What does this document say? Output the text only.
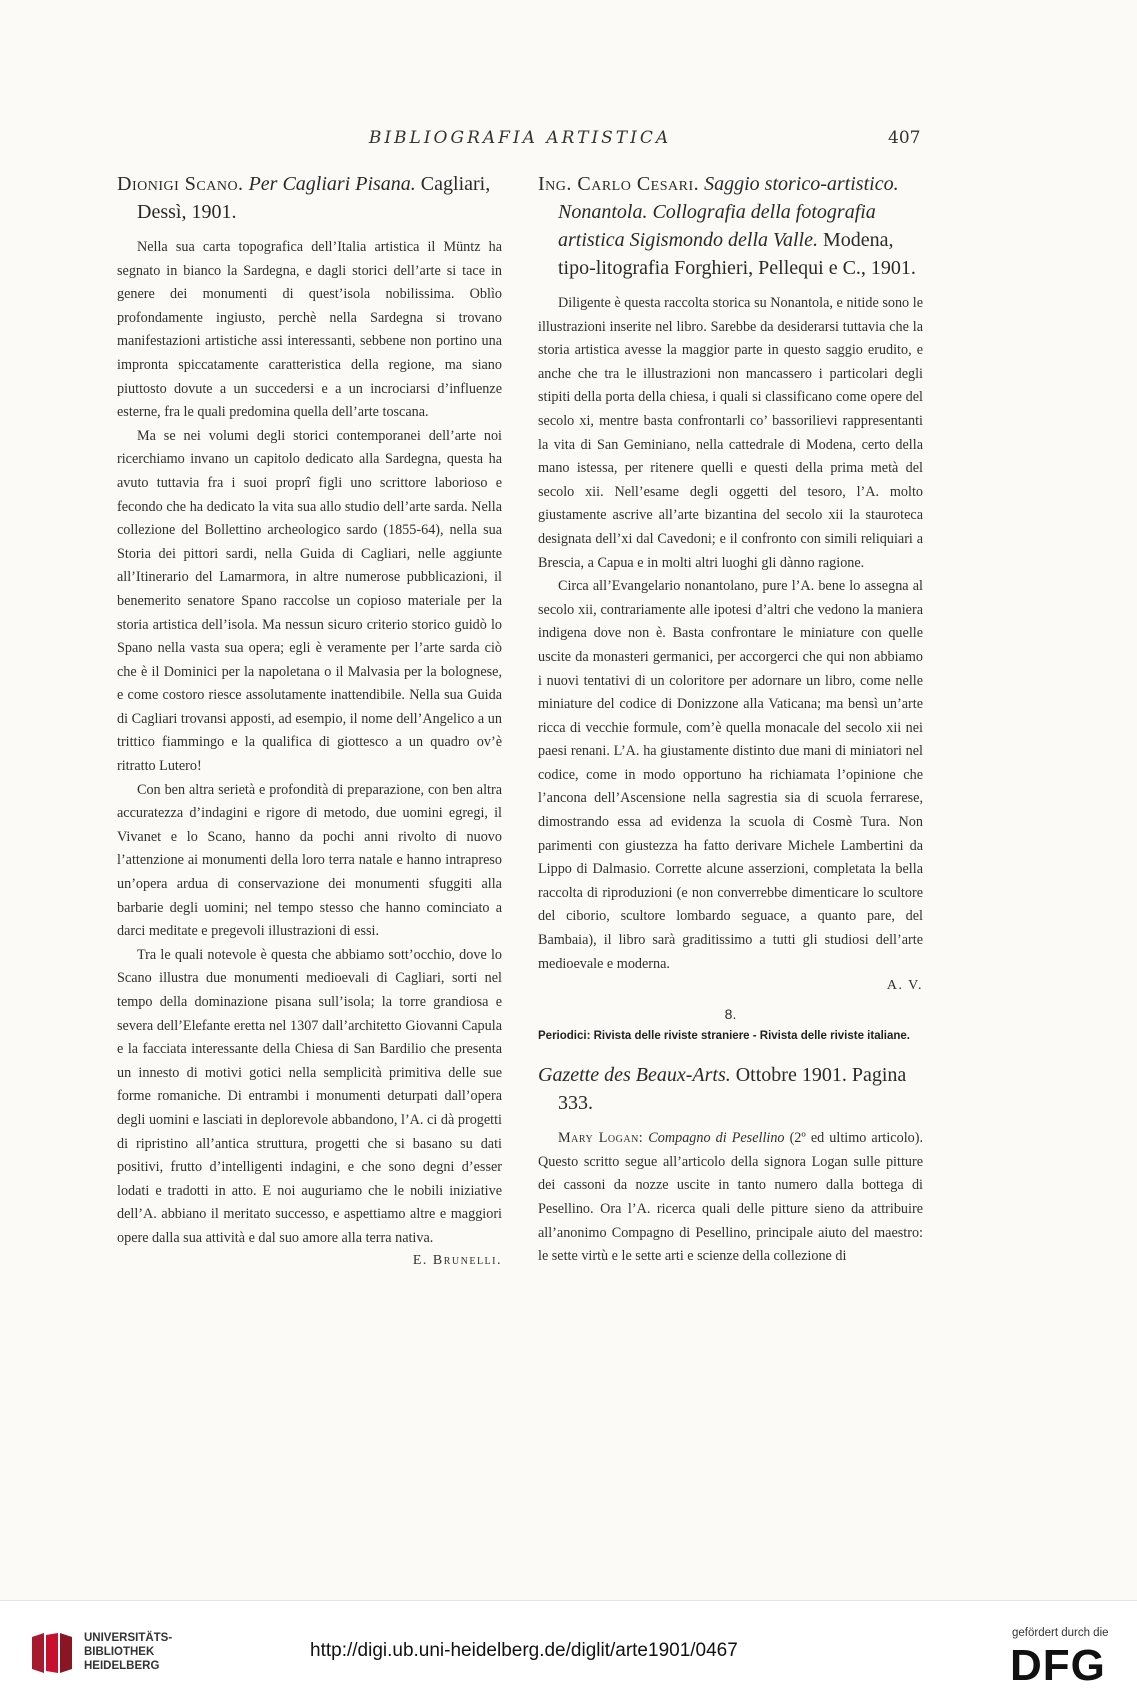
BIBLIOGRAFIA ARTISTICA	407
Dionigi Scano. Per Cagliari Pisana. Cagliari, Dessì, 1901.

Nella sua carta topografica dell’Italia artistica il Müntz ha segnato in bianco la Sardegna, e dagli storici dell’arte si tace in genere dei monumenti di quest’isola nobilissima. Oblìo profondamente ingiusto, perchè nella Sardegna si trovano manifestazioni artistiche assi interessanti, sebbene non portino una impronta spiccatamente caratteristica della regione, ma siano piuttosto dovute a un succedersi e a un incrociarsi d’influenze esterne, fra le quali predomina quella dell’arte toscana.

Ma se nei volumi degli storici contemporanei dell’arte noi ricerchiamo invano un capitolo dedicato alla Sardegna, questa ha avuto tuttavia fra i suoi proprî figli uno scrittore laborioso e fecondo che ha dedicato la vita sua allo studio dell’arte sarda. Nella collezione del Bollettino archeologico sardo (1855-64), nella sua Storia dei pittori sardi, nella Guida di Cagliari, nelle aggiunte all’Itinerario del Lamarmora, in altre numerose pubblicazioni, il benemerito senatore Spano raccolse un copioso materiale per la storia artistica dell’isola. Ma nessun sicuro criterio storico guidò lo Spano nella vasta sua opera; egli è veramente per l’arte sarda ciò che è il Dominici per la napoletana o il Malvasia per la bolognese, e come costoro riesce assolutamente inattendibile. Nella sua Guida di Cagliari trovansi apposti, ad esempio, il nome dell’Angelico a un trittico fiammingo e la qualifica di giottesco a un quadro ov’è ritratto Lutero!

Con ben altra serietà e profondità di preparazione, con ben altra accuratezza d’indagini e rigore di metodo, due uomini egregi, il Vivanet e lo Scano, hanno da pochi anni rivolto di nuovo l’attenzione ai monumenti della loro terra natale e hanno intrapreso un’opera ardua di conservazione dei monumenti sfuggiti alla barbarie degli uomini; nel tempo stesso che hanno cominciato a darci meditate e pregevoli illustrazioni di essi.

Tra le quali notevole è questa che abbiamo sott’occhio, dove lo Scano illustra due monumenti medioevali di Cagliari, sorti nel tempo della dominazione pisana sull’isola; la torre grandiosa e severa dell’Elefante eretta nel 1307 dall’architetto Giovanni Capula e la facciata interessante della Chiesa di San Bardilio che presenta un innesto di motivi gotici nella semplicità primitiva delle sue forme romaniche. Di entrambi i monumenti deturpati dall’opera degli uomini e lasciati in deplorevole abbandono, l’A. ci dà progetti di ripristino all’antica struttura, progetti che si basano su dati positivi, frutto d’intelligenti indagini, e che sono degni d’esser lodati e tradotti in atto. E noi auguriamo che le nobili iniziative dell’A. abbiano il meritato successo, e aspettiamo altre e maggiori opere dalla sua attività e dal suo amore alla terra nativa.

E. Brunelli.
Ing. Carlo Cesari. Saggio storico-artistico. Nonantola. Collografia della fotografia artistica Sigismondo della Valle. Modena, tipo-litografia Forghieri, Pellequi e C., 1901.

Diligente è questa raccolta storica su Nonantola, e nitide sono le illustrazioni inserite nel libro. Sarebbe da desiderarsi tuttavia che la storia artistica avesse la maggior parte in questo saggio erudito, e anche che tra le illustrazioni non mancassero i particolari degli stipiti della porta della chiesa, i quali si classificano come opere del secolo xi, mentre basta confrontarli co’ bassorilievi rappresentanti la vita di San Geminiano, nella cattedrale di Modena, certo della mano istessa, per ritenere quelli e questi della prima metà del secolo xii. Nell’esame degli oggetti del tesoro, l’A. molto giustamente ascrive all’arte bizantina del secolo xii la stauroteca designata dell’xi dal Cavedoni; e il confronto con simili reliquiari a Brescia, a Capua e in molti altri luoghi gli dànno ragione.

Circa all’Evangelario nonantolano, pure l’A. bene lo assegna al secolo xii, contrariamente alle ipotesi d’altri che vedono la maniera indigena dove non è. Basta confrontare le miniature con quelle uscite da monasteri germanici, per accorgerci che qui non abbiamo i nuovi tentativi di un coloritore per adornare un libro, come nelle miniature del codice di Donizzone alla Vaticana; ma bensì un’arte ricca di vecchie formule, com’è quella monacale del secolo xii nei paesi renani. L’A. ha giustamente distinto due mani di miniatori nel codice, come in modo opportuno ha richiamata l’opinione che l’ancona dell’Ascensione nella sagrestia sia di scuola ferrarese, dimostrando essa ad evidenza la scuola di Cosmè Tura. Non parimenti con giustezza ha fatto derivare Michele Lambertini da Lippo di Dalmasio. Corrette alcune asserzioni, completata la bella raccolta di riproduzioni (e non converrebbe dimenticare lo scultore del ciborio, scultore lombardo seguace, a quanto pare, del Bambaia), il libro sarà graditissimo a tutti gli studiosi dell’arte medioevale e moderna.

A. V.
8.
Periodici: Rivista delle riviste straniere - Rivista delle riviste italiane.
Gazette des Beaux-Arts. Ottobre 1901. Pagina 333.

Mary Logan: Compagno di Pesellino (2º ed ultimo articolo). Questo scritto segue all’articolo della signora Logan sulle pitture dei cassoni da nozze uscite in tanto numero dalla bottega di Pesellino. Ora l’A. ricerca quali delle pitture sieno da attribuire all’anonimo Compagno di Pesellino, principale aiuto del maestro: le sette virtù e le sette arti e scienze della collezione di

UNIVERSITÄTS-
BIBLIOTHEK
HEIDELBERG
http://digi.ub.uni-heidelberg.de/diglit/arte1901/0467
gefördert durch die
DFG
